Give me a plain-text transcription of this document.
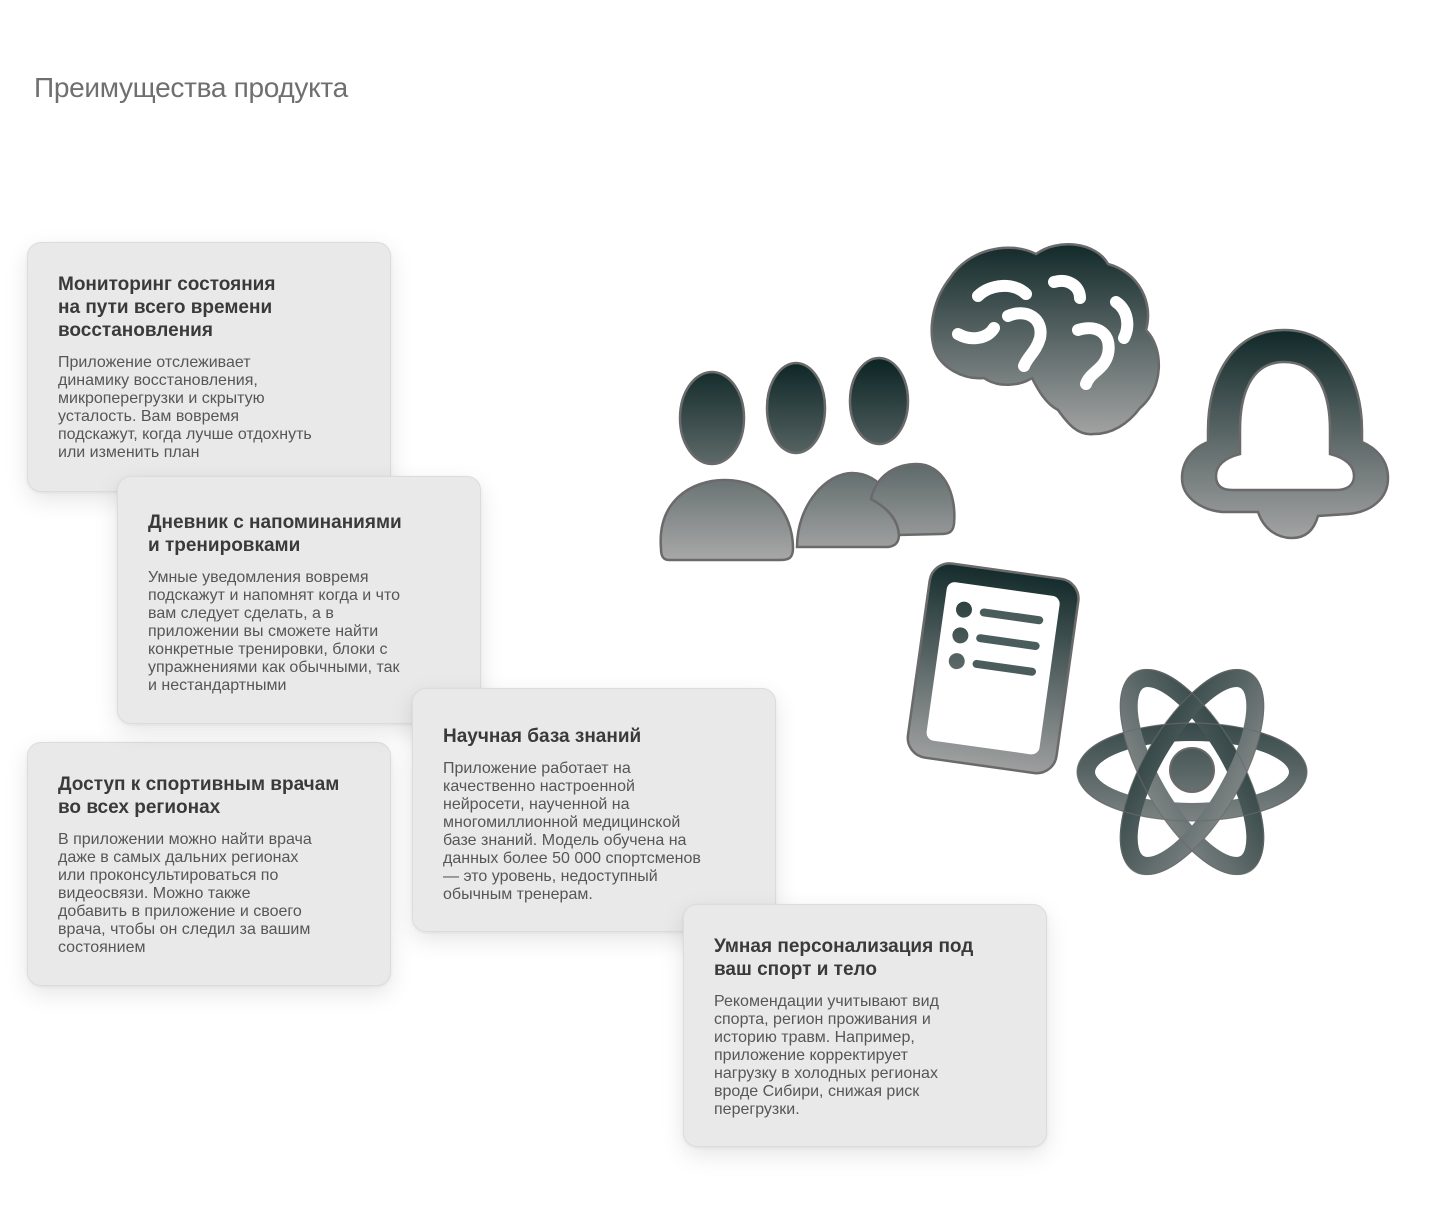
Преимущества продукта
Мониторинг состояния
на пути всего времени
восстановления

Приложение отслеживает
динамику восстановления,
микроперегрузки и скрытую
усталость. Вам вовремя
подскажут, когда лучше отдохнуть
или изменить план

Дневник с напоминаниями
и тренировками

Умные уведомления вовремя
подскажут и напомнят когда и что
вам следует сделать, а в
приложении вы сможете найти
конкретные тренировки, блоки с
упражнениями как обычными, так
и нестандартными

Доступ к спортивным врачам
во всех регионах

В приложении можно найти врача
даже в самых дальних регионах
или проконсультироваться по
видеосвязи. Можно также
добавить в приложение и своего
врача, чтобы он следил за вашим
состоянием

Научная база знаний

Приложение работает на
качественно настроенной
нейросети, наученной на
многомиллионной медицинской
базе знаний. Модель обучена на
данных более 50 000 спортсменов
— это уровень, недоступный
обычным тренерам.

Умная персонализация под
ваш спорт и тело

Рекомендации учитывают вид
спорта, регион проживания и
историю травм. Например,
приложение корректирует
нагрузку в холодных регионах
вроде Сибири, снижая риск
перегрузки.
